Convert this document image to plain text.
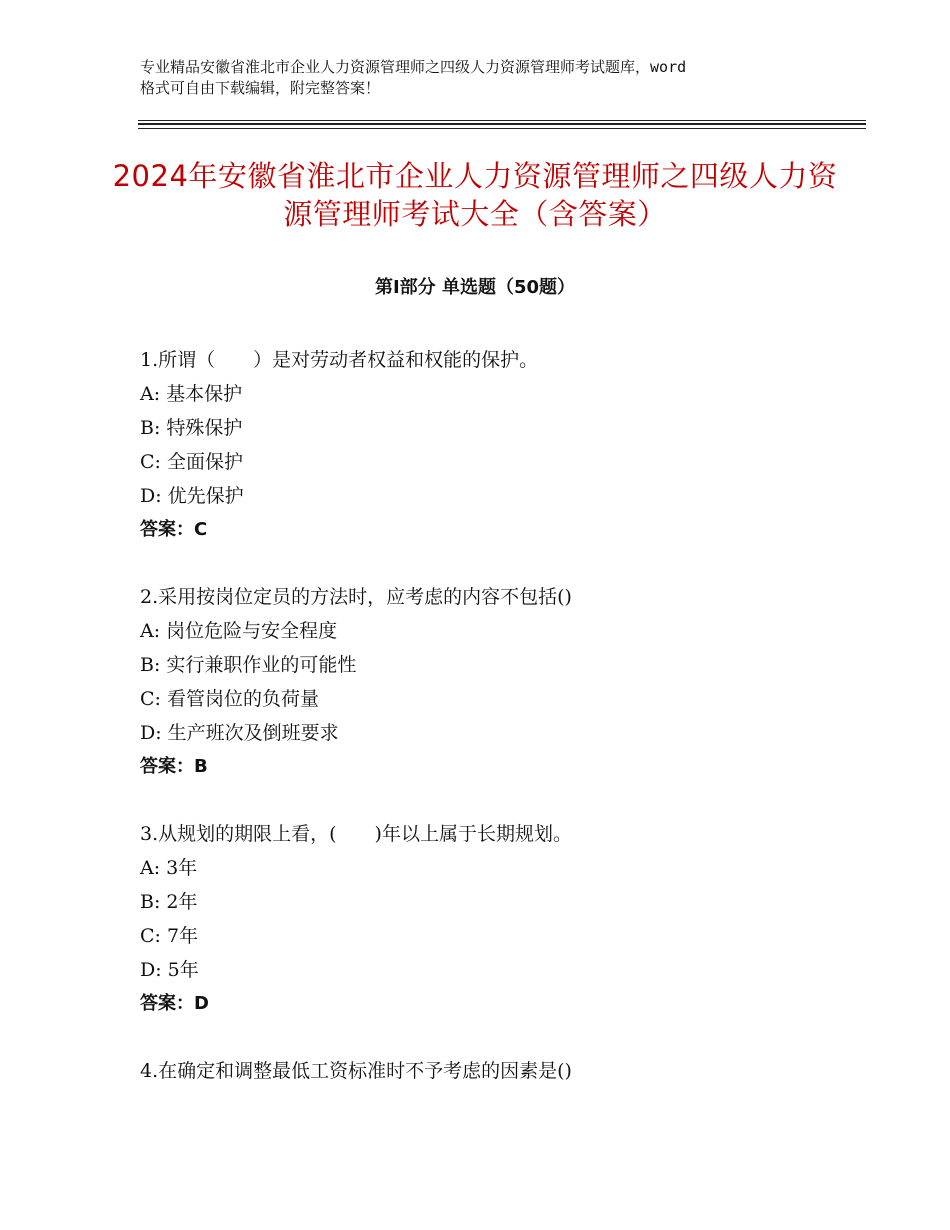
专业精品安徽省淮北市企业人力资源管理师之四级人力资源管理师考试题库，word
格式可自由下载编辑，附完整答案！
2024年安徽省淮北市企业人力资源管理师之四级人力资源管理师考试大全（含答案）
第Ⅰ部分 单选题（50题）
1.所谓（　　）是对劳动者权益和权能的保护。
A: 基本保护
B: 特殊保护
C: 全面保护
D: 优先保护
答案：C
2.采用按岗位定员的方法时，应考虑的内容不包括()
A: 岗位危险与安全程度
B: 实行兼职作业的可能性
C: 看管岗位的负荷量
D: 生产班次及倒班要求
答案：B
3.从规划的期限上看，(　　)年以上属于长期规划。
A: 3年
B: 2年
C: 7年
D: 5年
答案：D
4.在确定和调整最低工资标准时不予考虑的因素是()
